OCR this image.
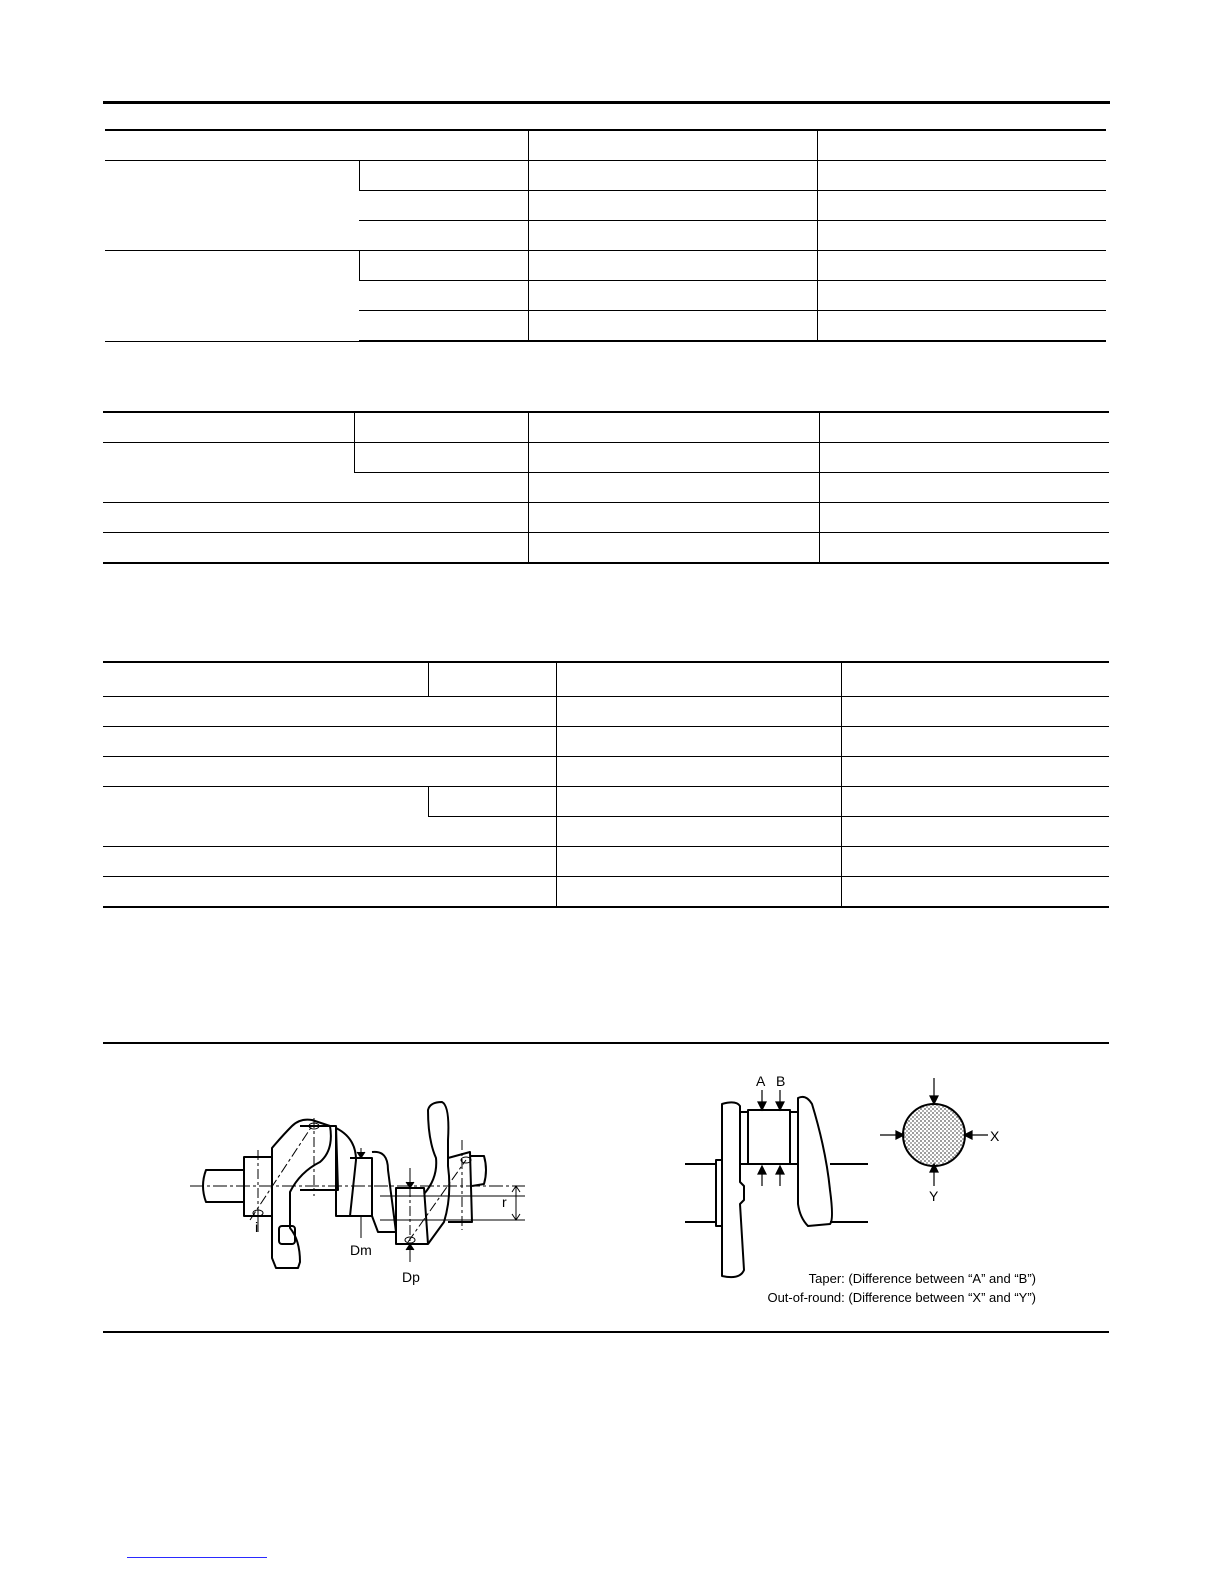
i
Dm
Dp
r
A B
X
Y
Taper: (Difference between “A” and “B”)
Out-of-round: (Difference between “X” and “Y”)
